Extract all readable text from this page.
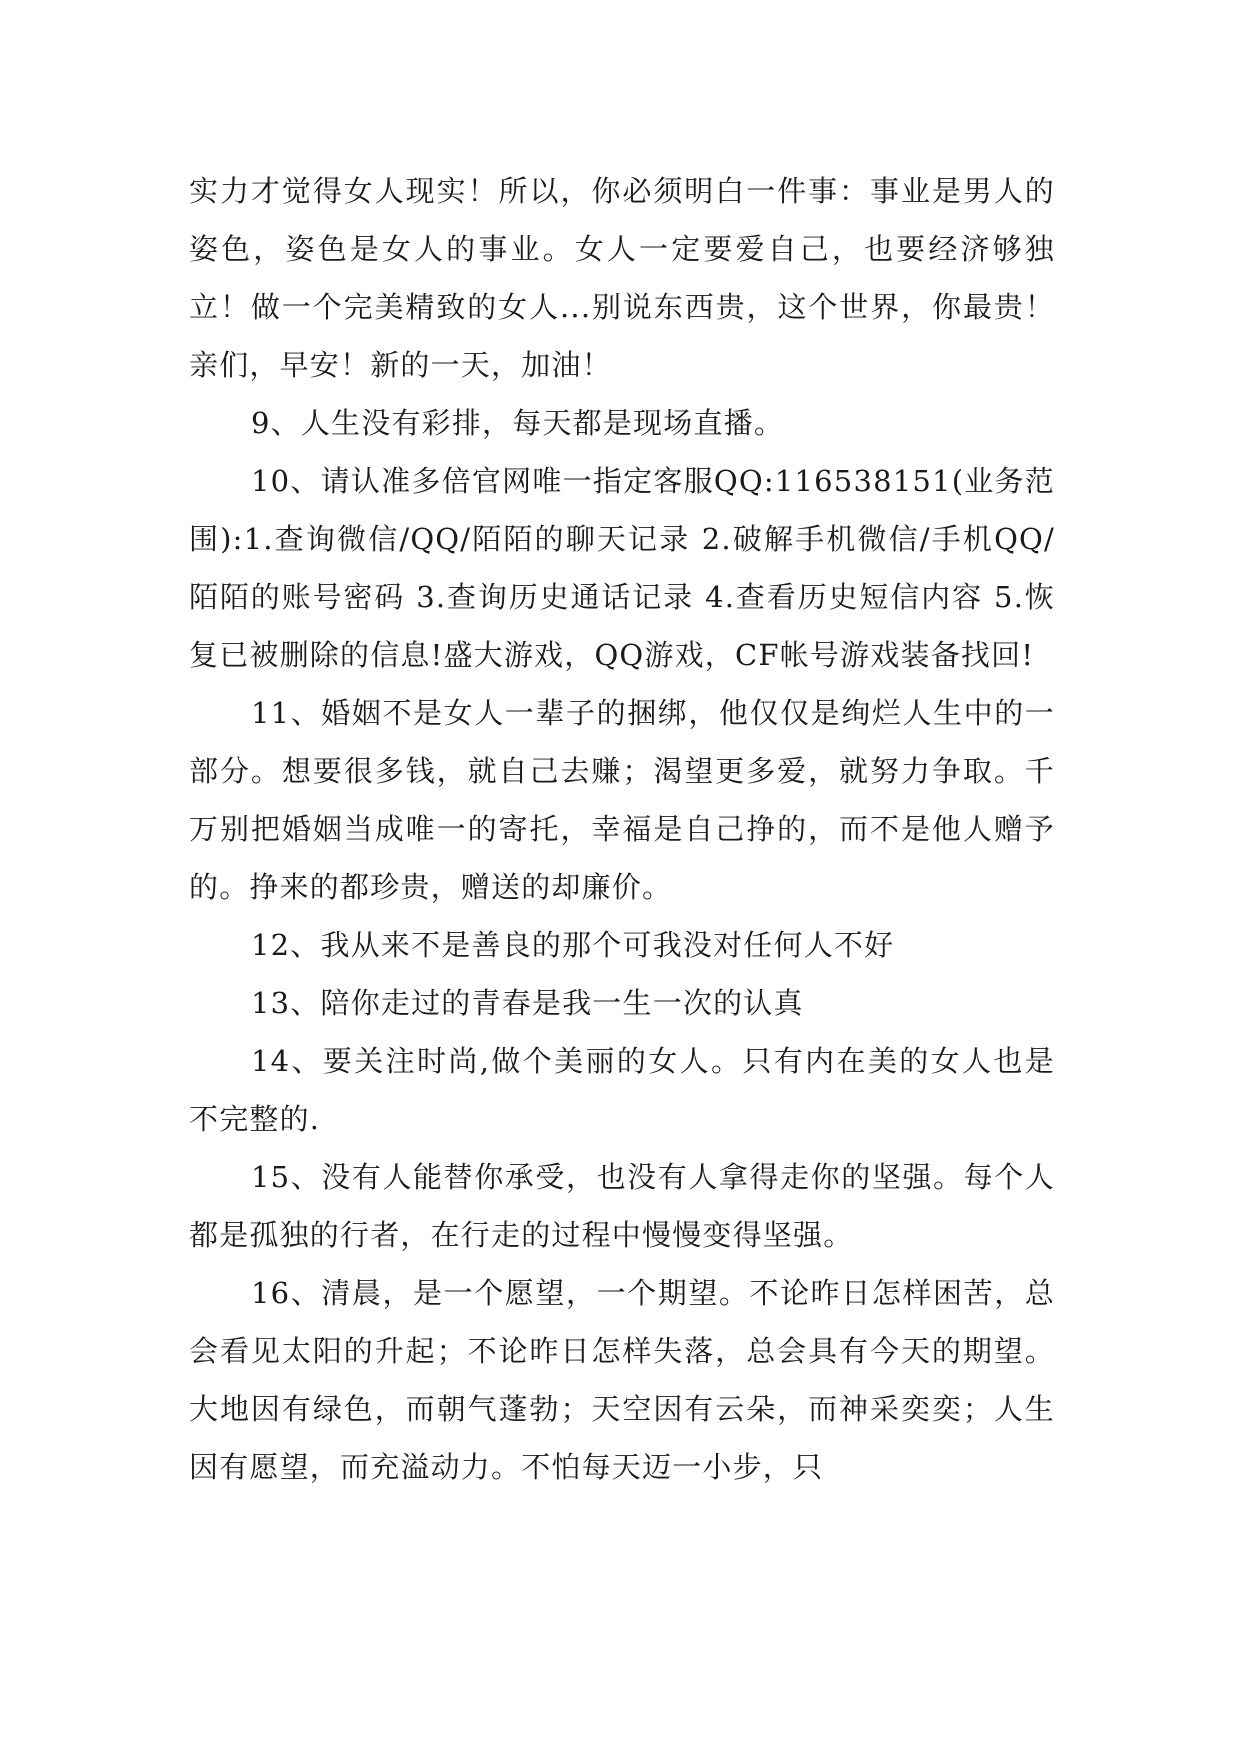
实力才觉得女人现实！所以，你必须明白一件事：事业是男人的姿色，姿色是女人的事业。女人一定要爱自己，也要经济够独立！做一个完美精致的女人...别说东西贵，这个世界，你最贵！亲们，早安！新的一天，加油！

9、人生没有彩排，每天都是现场直播。

10、请认准多倍官网唯一指定客服QQ:116538151(业务范围):1.查询微信/QQ/陌陌的聊天记录 2.破解手机微信/手机QQ/陌陌的账号密码 3.查询历史通话记录 4.查看历史短信内容 5.恢复已被删除的信息!盛大游戏，QQ游戏，CF帐号游戏装备找回!

11、婚姻不是女人一辈子的捆绑，他仅仅是绚烂人生中的一部分。想要很多钱，就自己去赚；渴望更多爱，就努力争取。千万别把婚姻当成唯一的寄托，幸福是自己挣的，而不是他人赠予的。挣来的都珍贵，赠送的却廉价。

12、我从来不是善良的那个可我没对任何人不好

13、陪你走过的青春是我一生一次的认真

14、要关注时尚,做个美丽的女人。只有内在美的女人也是不完整的.

15、没有人能替你承受，也没有人拿得走你的坚强。每个人都是孤独的行者，在行走的过程中慢慢变得坚强。

16、清晨，是一个愿望，一个期望。不论昨日怎样困苦，总会看见太阳的升起；不论昨日怎样失落，总会具有今天的期望。大地因有绿色，而朝气蓬勃；天空因有云朵，而神采奕奕；人生因有愿望，而充溢动力。不怕每天迈一小步，只
